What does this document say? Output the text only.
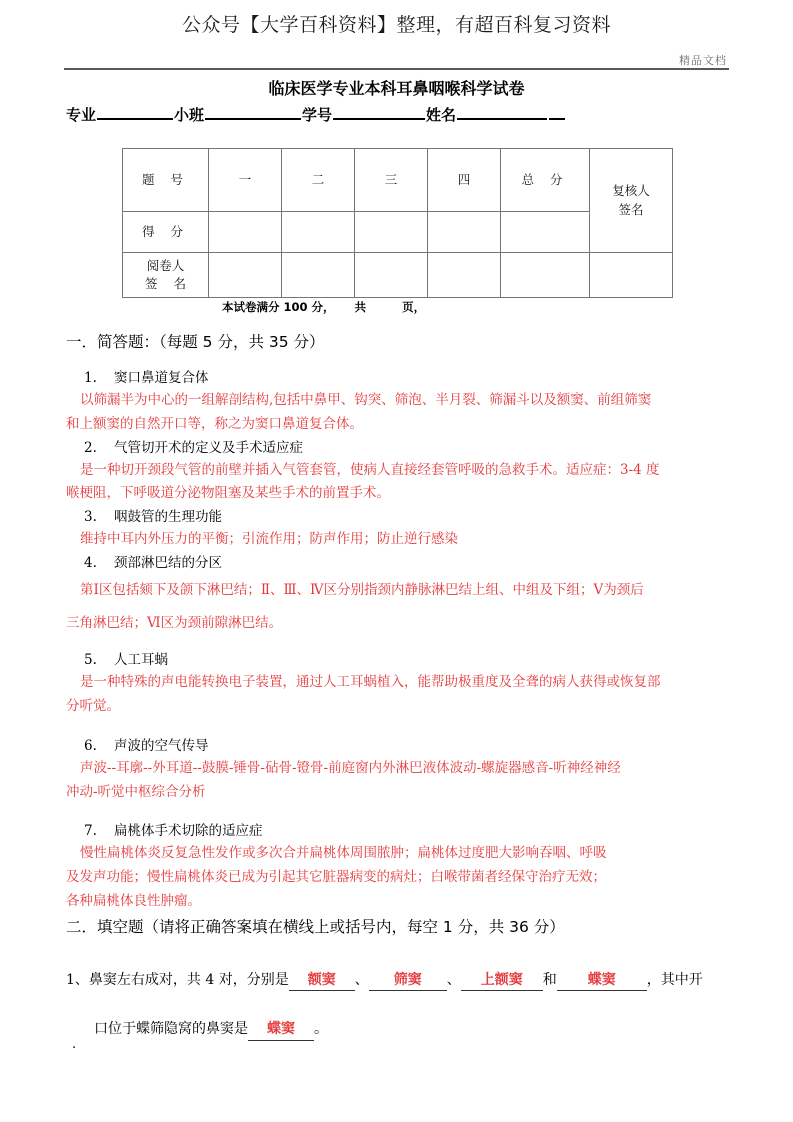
公众号【大学百科资料】整理，有超百科复习资料
精品文档
临床医学专业本科耳鼻咽喉科学试卷
专业	小班	学号	姓名
题 号	一	二	三	四	总 分	复核人
签名

得 分						

阅卷人
签 名						

本试卷满分 100 分，     共         页，
一．简答题：（每题 5 分，共 35 分）
1. 窦口鼻道复合体
以筛漏半为中心的一组解剖结构,包括中鼻甲、钩突、筛泡、半月裂、筛漏斗以及额窦、前组筛窦
和上额窦的自然开口等，称之为窦口鼻道复合体。
2. 气管切开术的定义及手术适应症
是一种切开颈段气管的前壁并插入气管套管，使病人直接经套管呼吸的急救手术。适应症：3-4 度
喉梗阻，下呼吸道分泌物阻塞及某些手术的前置手术。
3. 咽鼓管的生理功能
维持中耳内外压力的平衡；引流作用；防声作用；防止逆行感染
4. 颈部淋巴结的分区
第Ⅰ区包括颏下及颌下淋巴结；Ⅱ、Ⅲ、Ⅳ区分别指颈内静脉淋巴结上组、中组及下组；Ⅴ为颈后
三角淋巴结；Ⅵ区为颈前隙淋巴结。
5. 人工耳蜗
是一种特殊的声电能转换电子装置，通过人工耳蜗植入，能帮助极重度及全聋的病人获得或恢复部
分听觉。
6. 声波的空气传导
声波--耳廓--外耳道--鼓膜-锤骨-砧骨-镫骨-前庭窗内外淋巴液体波动-螺旋器感音-听神经神经
冲动-听觉中枢综合分析
7. 扁桃体手术切除的适应症
慢性扁桃体炎反复急性发作或多次合并扁桃体周围脓肿；扁桃体过度肥大影响吞咽、呼吸
及发声功能；慢性扁桃体炎已成为引起其它脏器病变的病灶；白喉带菌者经保守治疗无效；
各种扁桃体良性肿瘤。
二．填空题（请将正确答案填在横线上或括号内，每空 1 分，共 36 分）
1、鼻窦左右成对，共 4 对，分别是 额窦 、 筛窦 、 上额窦 和 蝶窦 ，其中开
口位于蝶筛隐窝的鼻窦是 蝶窦 。
.
